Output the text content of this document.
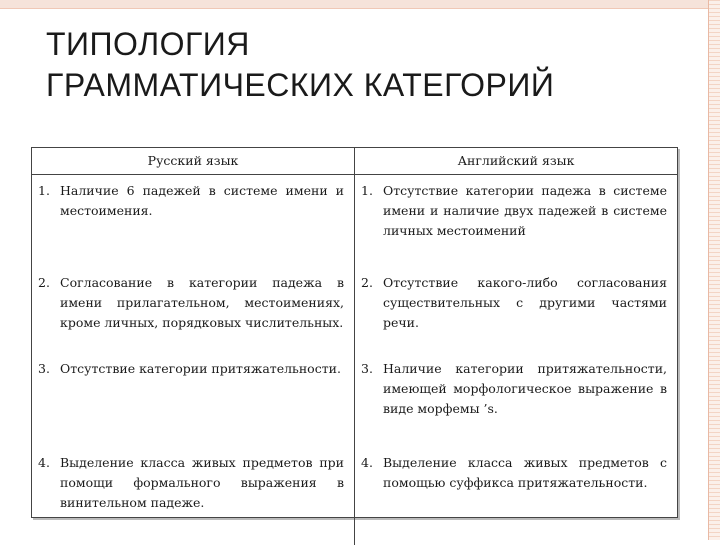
ТИПОЛОГИЯ
ГРАММАТИЧЕСКИХ КАТЕГОРИЙ
Русский язык	Английский язык

1. Наличие 6 падежей в системе имени и местоимения.	1. Отсутствие категории падежа в системе имени и наличие двух падежей в системе личных местоимений

2. Согласование в категории падежа в имени прилагательном, местоимениях, кроме личных, порядковых числительных.	2. Отсутствие какого-либо согласования существительных с другими частями речи.

3. Отсутствие категории притяжательности.	3. Наличие категории притяжательности, имеющей морфологическое выражение в виде морфемы ’s.

4. Выделение класса живых предметов при помощи формального выражения в винительном падеже.	4. Выделение класса живых предметов с помощью суффикса притяжательности.
